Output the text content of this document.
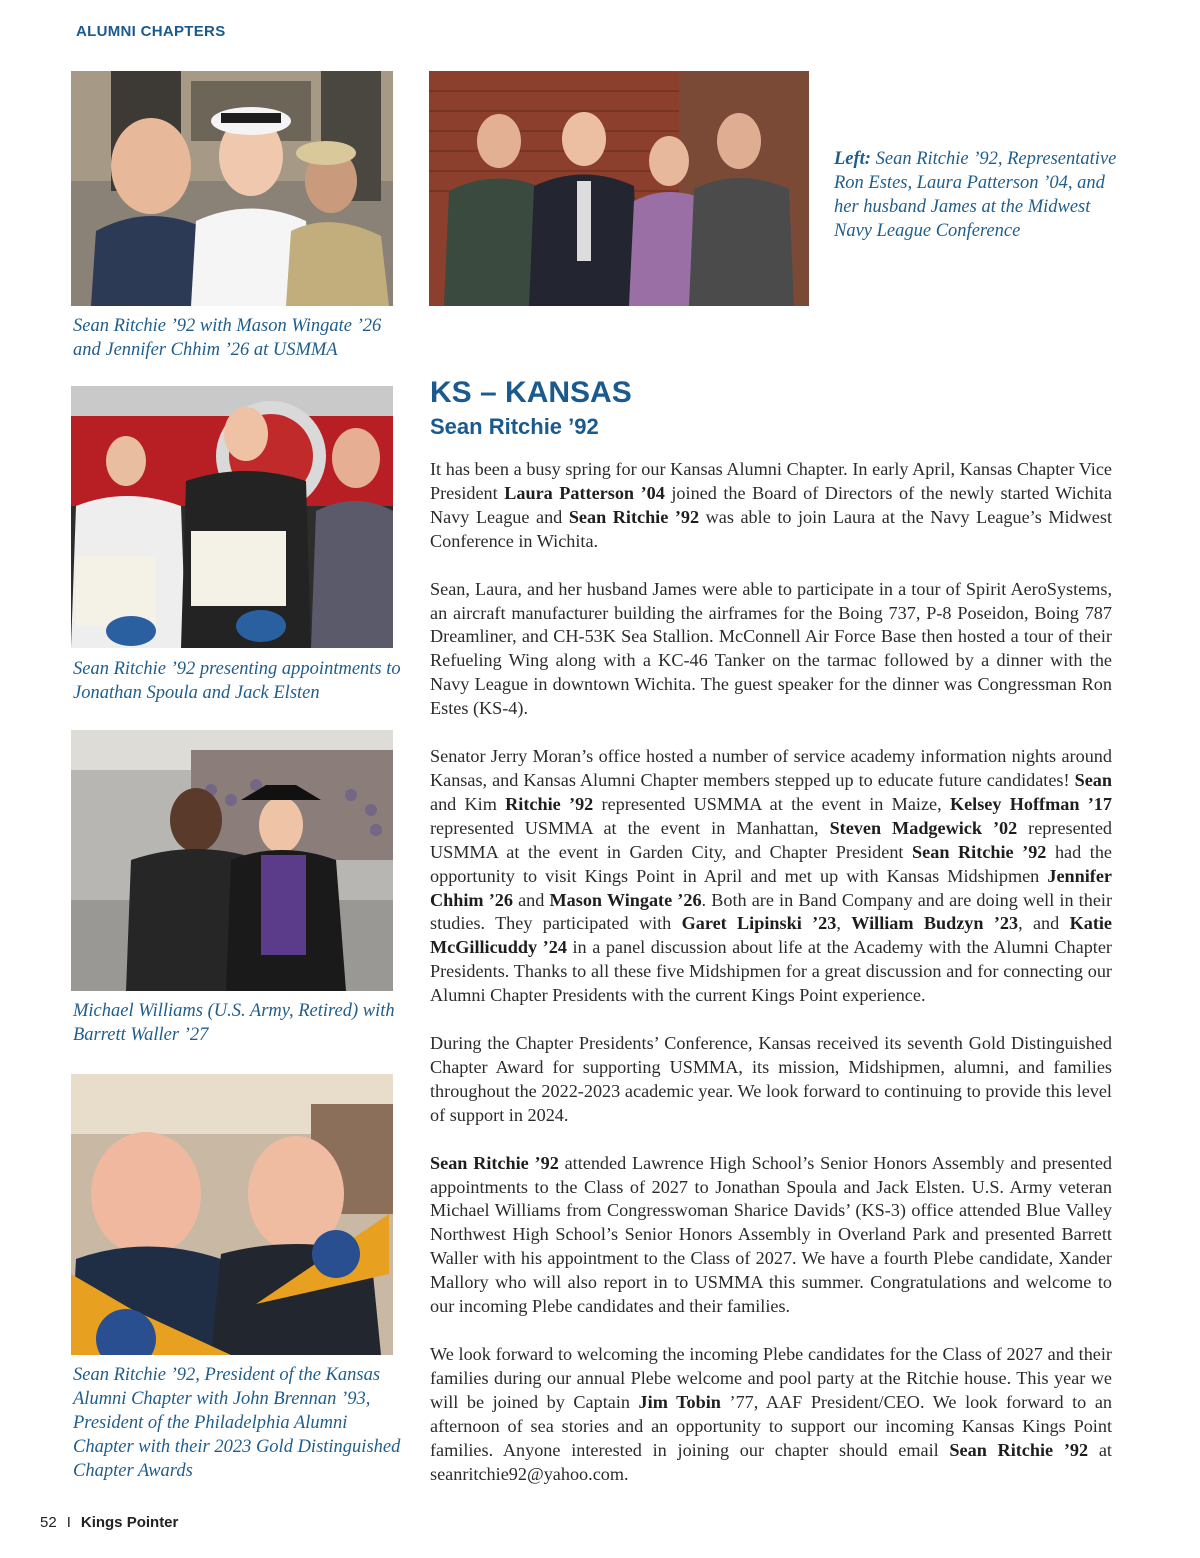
ALUMNI CHAPTERS
Left: Sean Ritchie ’92, Representative Ron Estes, Laura Patterson ’04, and her husband James at the Midwest Navy League Conference
Sean Ritchie ’92 with Mason Wingate ’26 and Jennifer Chhim ’26 at USMMA
Sean Ritchie ’92 presenting appointments to Jonathan Spoula and Jack Elsten
Michael Williams (U.S. Army, Retired) with Barrett Waller ’27
Sean Ritchie ’92, President of the Kansas Alumni Chapter with John Brennan ’93, President of the Philadelphia Alumni Chapter with their 2023 Gold Distinguished Chapter Awards
KS – KANSAS
Sean Ritchie ’92

It has been a busy spring for our Kansas Alumni Chapter. In early April, Kansas Chapter Vice President Laura Patterson ’04 joined the Board of Directors of the newly started Wichita Navy League and Sean Ritchie ’92 was able to join Laura at the Navy League’s Midwest Conference in Wichita.

Sean, Laura, and her husband James were able to participate in a tour of Spirit AeroSystems, an aircraft manufacturer building the airframes for the Boing 737, P-8 Poseidon, Boing 787 Dreamliner, and CH-53K Sea Stallion. McConnell Air Force Base then hosted a tour of their Refueling Wing along with a KC-46 Tanker on the tarmac followed by a dinner with the Navy League in downtown Wichita. The guest speaker for the dinner was Congressman Ron Estes (KS-4).

Senator Jerry Moran’s office hosted a number of service academy information nights around Kansas, and Kansas Alumni Chapter members stepped up to educate future candidates! Sean and Kim Ritchie ’92 represented USMMA at the event in Maize, Kelsey Hoffman ’17 represented USMMA at the event in Manhattan, Steven Madgewick ’02 represented USMMA at the event in Garden City, and Chapter President Sean Ritchie ’92 had the opportunity to visit Kings Point in April and met up with Kansas Midshipmen Jennifer Chhim ’26 and Mason Wingate ’26. Both are in Band Company and are doing well in their studies. They participated with Garet Lipinski ’23, William Budzyn ’23, and Katie McGillicuddy ’24 in a panel discussion about life at the Academy with the Alumni Chapter Presidents. Thanks to all these five Midshipmen for a great discussion and for connecting our Alumni Chapter Presidents with the current Kings Point experience.

During the Chapter Presidents’ Conference, Kansas received its seventh Gold Distinguished Chapter Award for supporting USMMA, its mission, Midshipmen, alumni, and families throughout the 2022-2023 academic year. We look forward to continuing to provide this level of support in 2024.

Sean Ritchie ’92 attended Lawrence High School’s Senior Honors Assembly and presented appointments to the Class of 2027 to Jonathan Spoula and Jack Elsten. U.S. Army veteran Michael Williams from Congresswoman Sharice Davids’ (KS-3) office attended Blue Valley Northwest High School’s Senior Honors Assembly in Overland Park and presented Barrett Waller with his appointment to the Class of 2027. We have a fourth Plebe candidate, Xander Mallory who will also report in to USMMA this summer. Congratulations and welcome to our incoming Plebe candidates and their families.

We look forward to welcoming the incoming Plebe candidates for the Class of 2027 and their families during our annual Plebe welcome and pool party at the Ritchie house. This year we will be joined by Captain Jim Tobin ’77, AAF President/CEO. We look forward to an afternoon of sea stories and an opportunity to support our incoming Kansas Kings Point families. Anyone interested in joining our chapter should email Sean Ritchie ’92 at seanritchie92@yahoo.com.

52 I Kings Pointer
